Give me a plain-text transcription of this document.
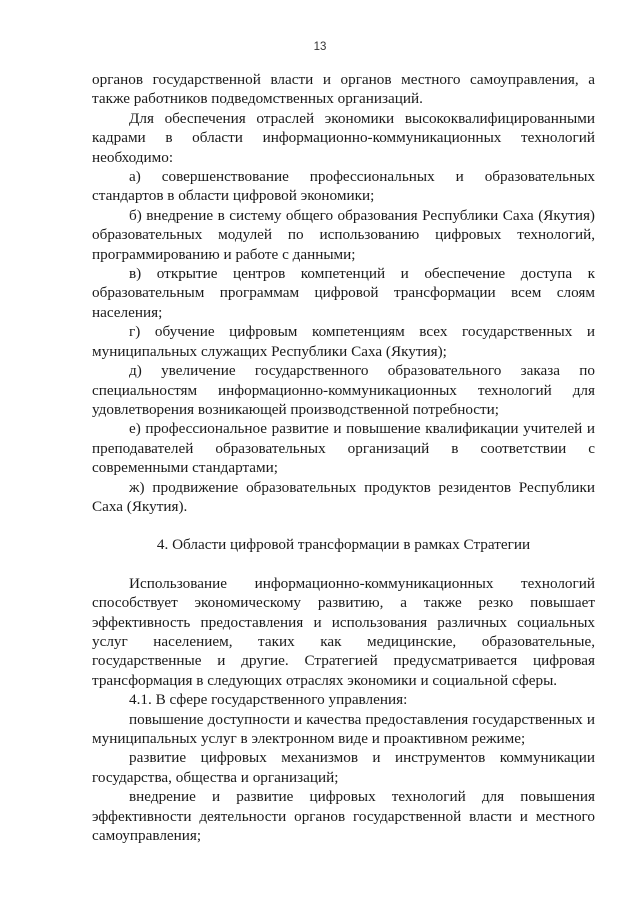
13

органов государственной власти и органов местного самоуправления, а также работников подведомственных организаций.

Для обеспечения отраслей экономики высококвалифицированными кадрами в области информационно-коммуникационных технологий необходимо:

а) совершенствование профессиональных и образовательных стандартов в области цифровой экономики;

б) внедрение в систему общего образования Республики Саха (Якутия) образовательных модулей по использованию цифровых технологий, программированию и работе с данными;

в) открытие центров компетенций и обеспечение доступа к образовательным программам цифровой трансформации всем слоям населения;

г) обучение цифровым компетенциям всех государственных и муниципальных служащих Республики Саха (Якутия);

д) увеличение государственного образовательного заказа по специальностям информационно-коммуникационных технологий для удовлетворения возникающей производственной потребности;

е) профессиональное развитие и повышение квалификации учителей и преподавателей образовательных организаций в соответствии с современными стандартами;

ж) продвижение образовательных продуктов резидентов Республики Саха (Якутия).

4. Области цифровой трансформации в рамках Стратегии

Использование информационно-коммуникационных технологий способствует экономическому развитию, а также резко повышает эффективность предоставления и использования различных социальных услуг населением, таких как медицинские, образовательные, государственные и другие. Стратегией предусматривается цифровая трансформация в следующих отраслях экономики и социальной сферы.

4.1. В сфере государственного управления:

повышение доступности и качества предоставления государственных и муниципальных услуг в электронном виде и проактивном режиме;

развитие цифровых механизмов и инструментов коммуникации государства, общества и организаций;

внедрение и развитие цифровых технологий для повышения эффективности деятельности органов государственной власти и местного самоуправления;
